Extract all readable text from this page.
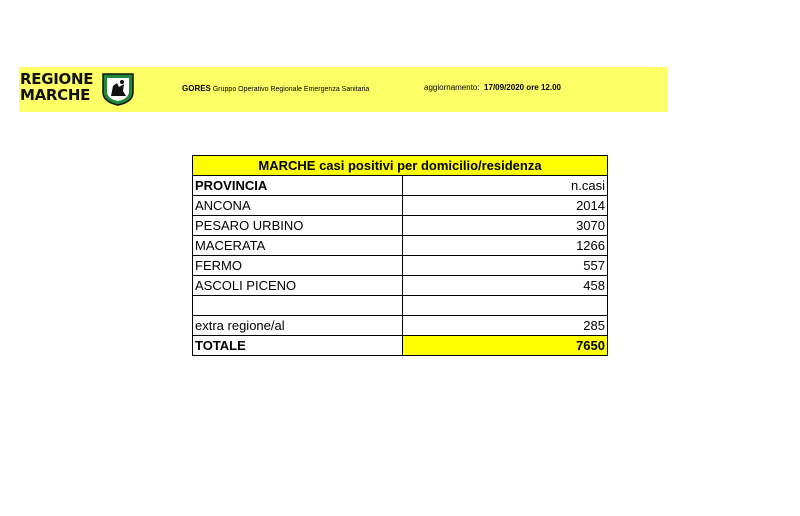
REGIONE
MARCHE	GORES Gruppo Operativo Regionale Emergenza Sanitaria	aggiornamento: 17/09/2020 ore 12.00
MARCHE casi positivi per domicilio/residenza	
PROVINCIA	n.casi
ANCONA	2014
PESARO URBINO	3070
MACERATA	1266
FERMO	557
ASCOLI PICENO	458

extra regione/al	285
TOTALE	7650
